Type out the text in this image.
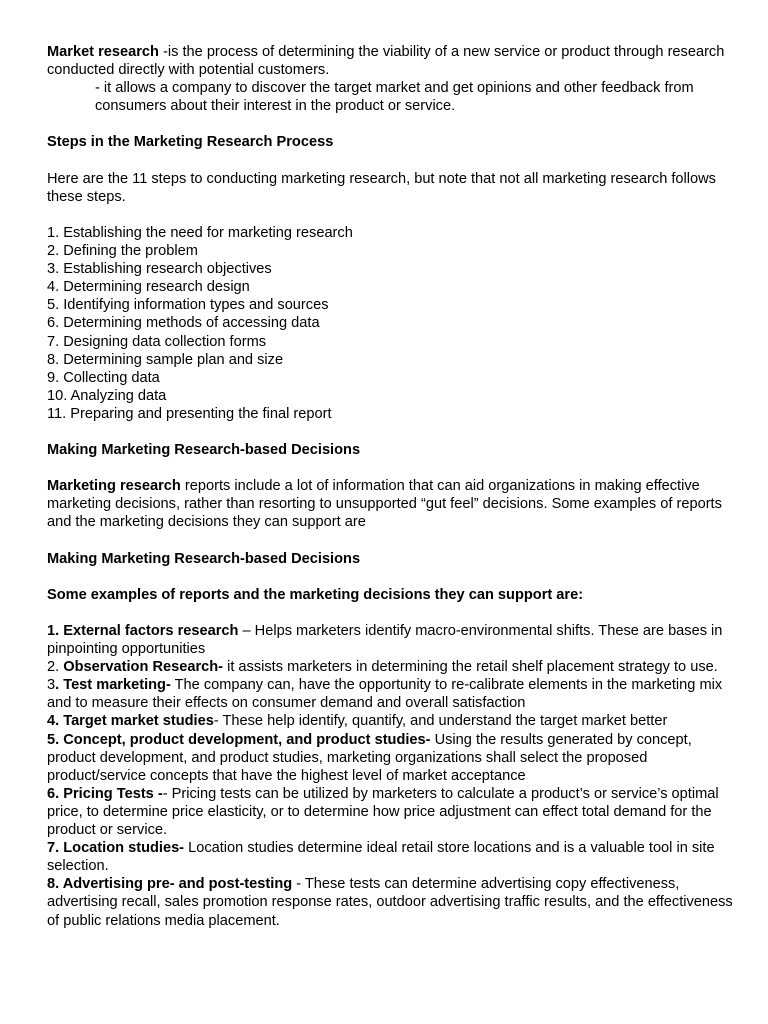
Market research -is the process of determining the viability of a new service or product through research conducted directly with potential customers.

- it allows a company to discover the target market and get opinions and other feedback from consumers about their interest in the product or service.

Steps in the Marketing Research Process

Here are the 11 steps to conducting marketing research, but note that not all marketing research follows these steps.

1. Establishing the need for marketing research
2. Defining the problem
3. Establishing research objectives
4. Determining research design
5. Identifying information types and sources
6. Determining methods of accessing data
7. Designing data collection forms
8. Determining sample plan and size
9. Collecting data
10. Analyzing data
11. Preparing and presenting the final report

Making Marketing Research-based Decisions

Marketing research reports include a lot of information that can aid organizations in making effective marketing decisions, rather than resorting to unsupported “gut feel” decisions. Some examples of reports and the marketing decisions they can support are

Making Marketing Research-based Decisions

Some examples of reports and the marketing decisions they can support are:

1. External factors research – Helps marketers identify macro-environmental shifts. These are bases in pinpointing opportunities

2. Observation Research- it assists marketers in determining the retail shelf placement strategy to use.

3. Test marketing- The company can, have the opportunity to re-calibrate elements in the marketing mix and to measure their effects on consumer demand and overall satisfaction

4. Target market studies- These help identify, quantify, and understand the target market better

5. Concept, product development, and product studies- Using the results generated by concept, product development, and product studies, marketing organizations shall select the proposed product/service concepts that have the highest level of market acceptance

6. Pricing Tests -- Pricing tests can be utilized by marketers to calculate a product’s or service’s optimal price, to determine price elasticity, or to determine how price adjustment can effect total demand for the product or service.

7. Location studies- Location studies determine ideal retail store locations and is a valuable tool in site selection.

8. Advertising pre- and post-testing - These tests can determine advertising copy effectiveness, advertising recall, sales promotion response rates, outdoor advertising traffic results, and the effectiveness of public relations media placement.
